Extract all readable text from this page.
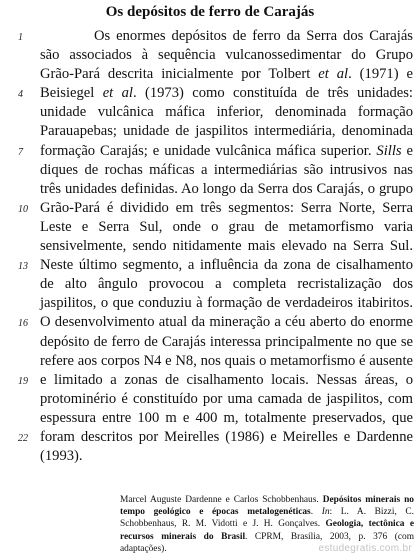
Os depósitos de ferro de Carajás
1	Os enormes depósitos de ferro da Serra dos Carajás
são associados à sequência vulcanossedimentar do Grupo
Grão-Pará descrita inicialmente por Tolbert et al. (1971) e
4 Beisiegel et al. (1973) como constituída de três unidades:
unidade vulcânica máfica inferior, denominada formação
Parauapebas; unidade de jaspilitos intermediária, denominada
7 formação Carajás; e unidade vulcânica máfica superior. Sills e
diques de rochas máficas a intermediárias são intrusivos nas
três unidades definidas. Ao longo da Serra dos Carajás, o grupo
10 Grão-Pará é dividido em três segmentos: Serra Norte, Serra
Leste e Serra Sul, onde o grau de metamorfismo varia
sensivelmente, sendo nitidamente mais elevado na Serra Sul.
13 Neste último segmento, a influência da zona de cisalhamento
de alto ângulo provocou a completa recristalização dos
jaspilitos, o que conduziu à formação de verdadeiros itabiritos.
16 O desenvolvimento atual da mineração a céu aberto do enorme
depósito de ferro de Carajás interessa principalmente no que se
refere aos corpos N4 e N8, nos quais o metamorfismo é ausente
19 e limitado a zonas de cisalhamento locais. Nessas áreas, o
protominério é constituído por uma camada de jaspilitos, com
espessura entre 100 m e 400 m, totalmente preservados, que
22 foram descritos por Meirelles (1986) e Meirelles e Dardenne
(1993).
Marcel Auguste Dardenne e Carlos Schobbenhaus. Depósitos minerais no tempo geológico e épocas metalogenéticas. In: L. A. Bizzi, C. Schobbenhaus, R. M. Vidotti e J. H. Gonçalves. Geologia, tectônica e recursos minerais do Brasil. CPRM, Brasília, 2003, p. 376 (com adaptações).	estudegratis.com.br
